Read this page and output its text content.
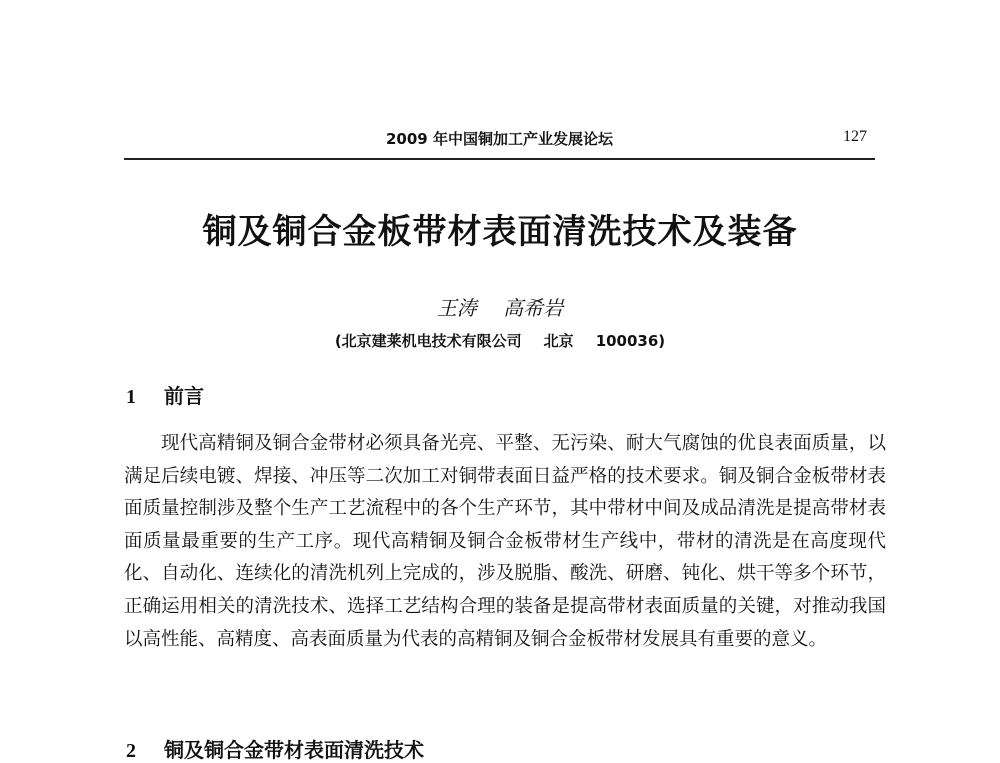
2009 年中国铜加工产业发展论坛	127
铜及铜合金板带材表面清洗技术及装备
王涛 高希岩
(北京建莱机电技术有限公司 北京 100036)
1 前言

现代高精铜及铜合金带材必须具备光亮、平整、无污染、耐大气腐蚀的优良表面质量，以满足后续电镀、焊接、冲压等二次加工对铜带表面日益严格的技术要求。铜及铜合金板带材表面质量控制涉及整个生产工艺流程中的各个生产环节，其中带材中间及成品清洗是提高带材表面质量最重要的生产工序。现代高精铜及铜合金板带材生产线中，带材的清洗是在高度现代化、自动化、连续化的清洗机列上完成的，涉及脱脂、酸洗、研磨、钝化、烘干等多个环节，正确运用相关的清洗技术、选择工艺结构合理的装备是提高带材表面质量的关键，对推动我国以高性能、高精度、高表面质量为代表的高精铜及铜合金板带材发展具有重要的意义。

2 铜及铜合金带材表面清洗技术
